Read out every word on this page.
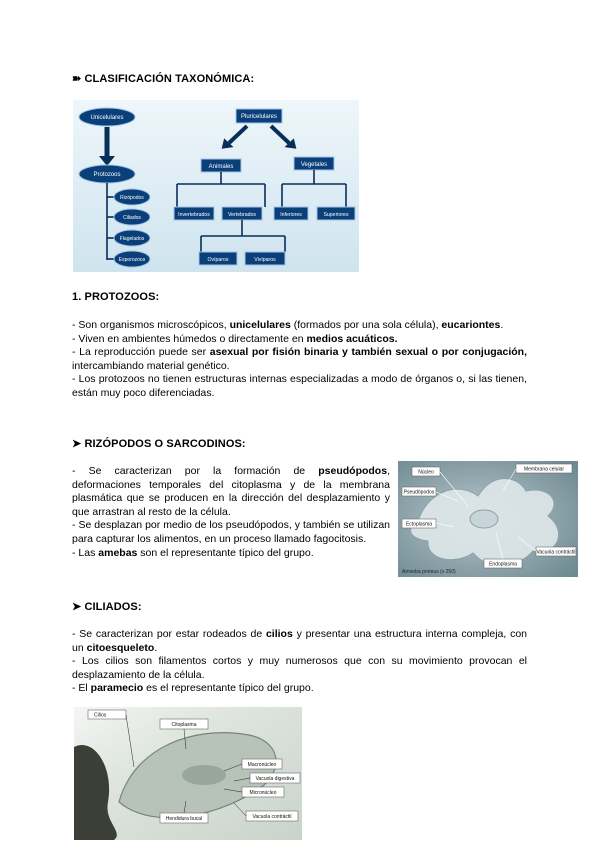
➽ CLASIFICACIÓN TAXONÓMICA:
Unicelulares
Protozoos
Rizópodos
Ciliados
Flagelados
Esporozoos
Pluricelulares
Animales	Vegetales
Invertebrados	Vertebrados	Inferiores	Superiores
Ovíparos	Vivíparos
1. PROTOZOOS:

- Son organismos microscópicos, unicelulares (formados por una sola célula), eucariontes.

- Viven en ambientes húmedos o directamente en medios acuáticos.

- La reproducción puede ser asexual por fisión binaria y también sexual o por conjugación, intercambiando material genético.

- Los protozoos no tienen estructuras internas especializadas a modo de órganos o, si las tienen, están muy poco diferenciadas.

➤ RIZÓPODOS O SARCODINOS:

- Se caracterizan por la formación de pseudópodos, deformaciones temporales del citoplasma y de la membrana plasmática que se producen en la dirección del desplazamiento y que arrastran al resto de la célula.

- Se desplazan por medio de los pseudópodos, y también se utilizan para capturar los alimentos, en un proceso llamado fagocitosis.

- Las amebas son el representante típico del grupo.

Núcleo	Membrana celular
Pseudópodos
Ectoplasma
Vacuola contráctil
Endoplasma
Amoeba proteus (x 250)
➤ CILIADOS:

- Se caracterizan por estar rodeados de cilios y presentar una estructura interna compleja, con un citoesqueleto.

- Los cilios son filamentos cortos y muy numerosos que con su movimiento provocan el desplazamiento de la célula.

- El paramecio es el representante típico del grupo.

Cilios
Citoplasma
Macronúcleo
Vacuola digestiva
Micronúcleo
Hendidura bucal	Vacuola contráctil
